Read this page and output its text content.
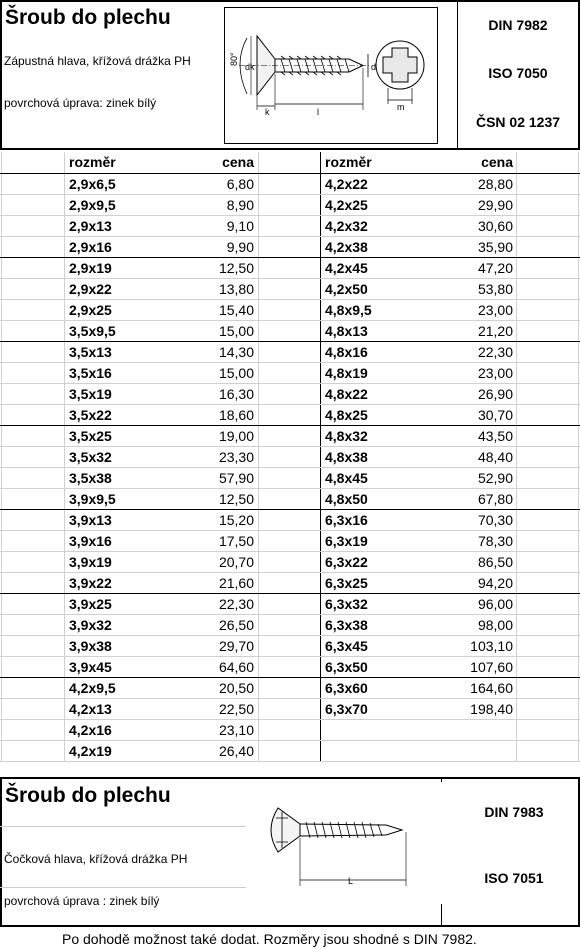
Šroub do plechu
Zápustná hlava, křížová drážka PH
povrchová úprava: zinek bílý
DIN 7982
ISO 7050
ČSN 02 1237
80°
dk	d
k	l	m
rozměr	cena	rozměr	cena
2,9x6,5	6,80	4,2x22	28,80
2,9x9,5	8,90	4,2x25	29,90
2,9x13	9,10	4,2x32	30,60
2,9x16	9,90	4,2x38	35,90
2,9x19	12,50	4,2x45	47,20
2,9x22	13,80	4,2x50	53,80
2,9x25	15,40	4,8x9,5	23,00
3,5x9,5	15,00	4,8x13	21,20
3,5x13	14,30	4,8x16	22,30
3,5x16	15,00	4,8x19	23,00
3,5x19	16,30	4,8x22	26,90
3,5x22	18,60	4,8x25	30,70
3,5x25	19,00	4,8x32	43,50
3,5x32	23,30	4,8x38	48,40
3,5x38	57,90	4,8x45	52,90
3,9x9,5	12,50	4,8x50	67,80
3,9x13	15,20	6,3x16	70,30
3,9x16	17,50	6,3x19	78,30
3,9x19	20,70	6,3x22	86,50
3,9x22	21,60	6,3x25	94,20
3,9x25	22,30	6,3x32	96,00
3,9x32	26,50	6,3x38	98,00
3,9x38	29,70	6,3x45	103,10
3,9x45	64,60	6,3x50	107,60
4,2x9,5	20,50	6,3x60	164,60
4,2x13	22,50	6,3x70	198,40
4,2x16	23,10
4,2x19	26,40
Šroub do plechu
Čočková hlava, křížová drážka PH
povrchová úprava : zinek bílý
DIN 7983
ISO 7051
L
Po dohodě možnost také dodat. Rozměry jsou shodné s DIN 7982.
